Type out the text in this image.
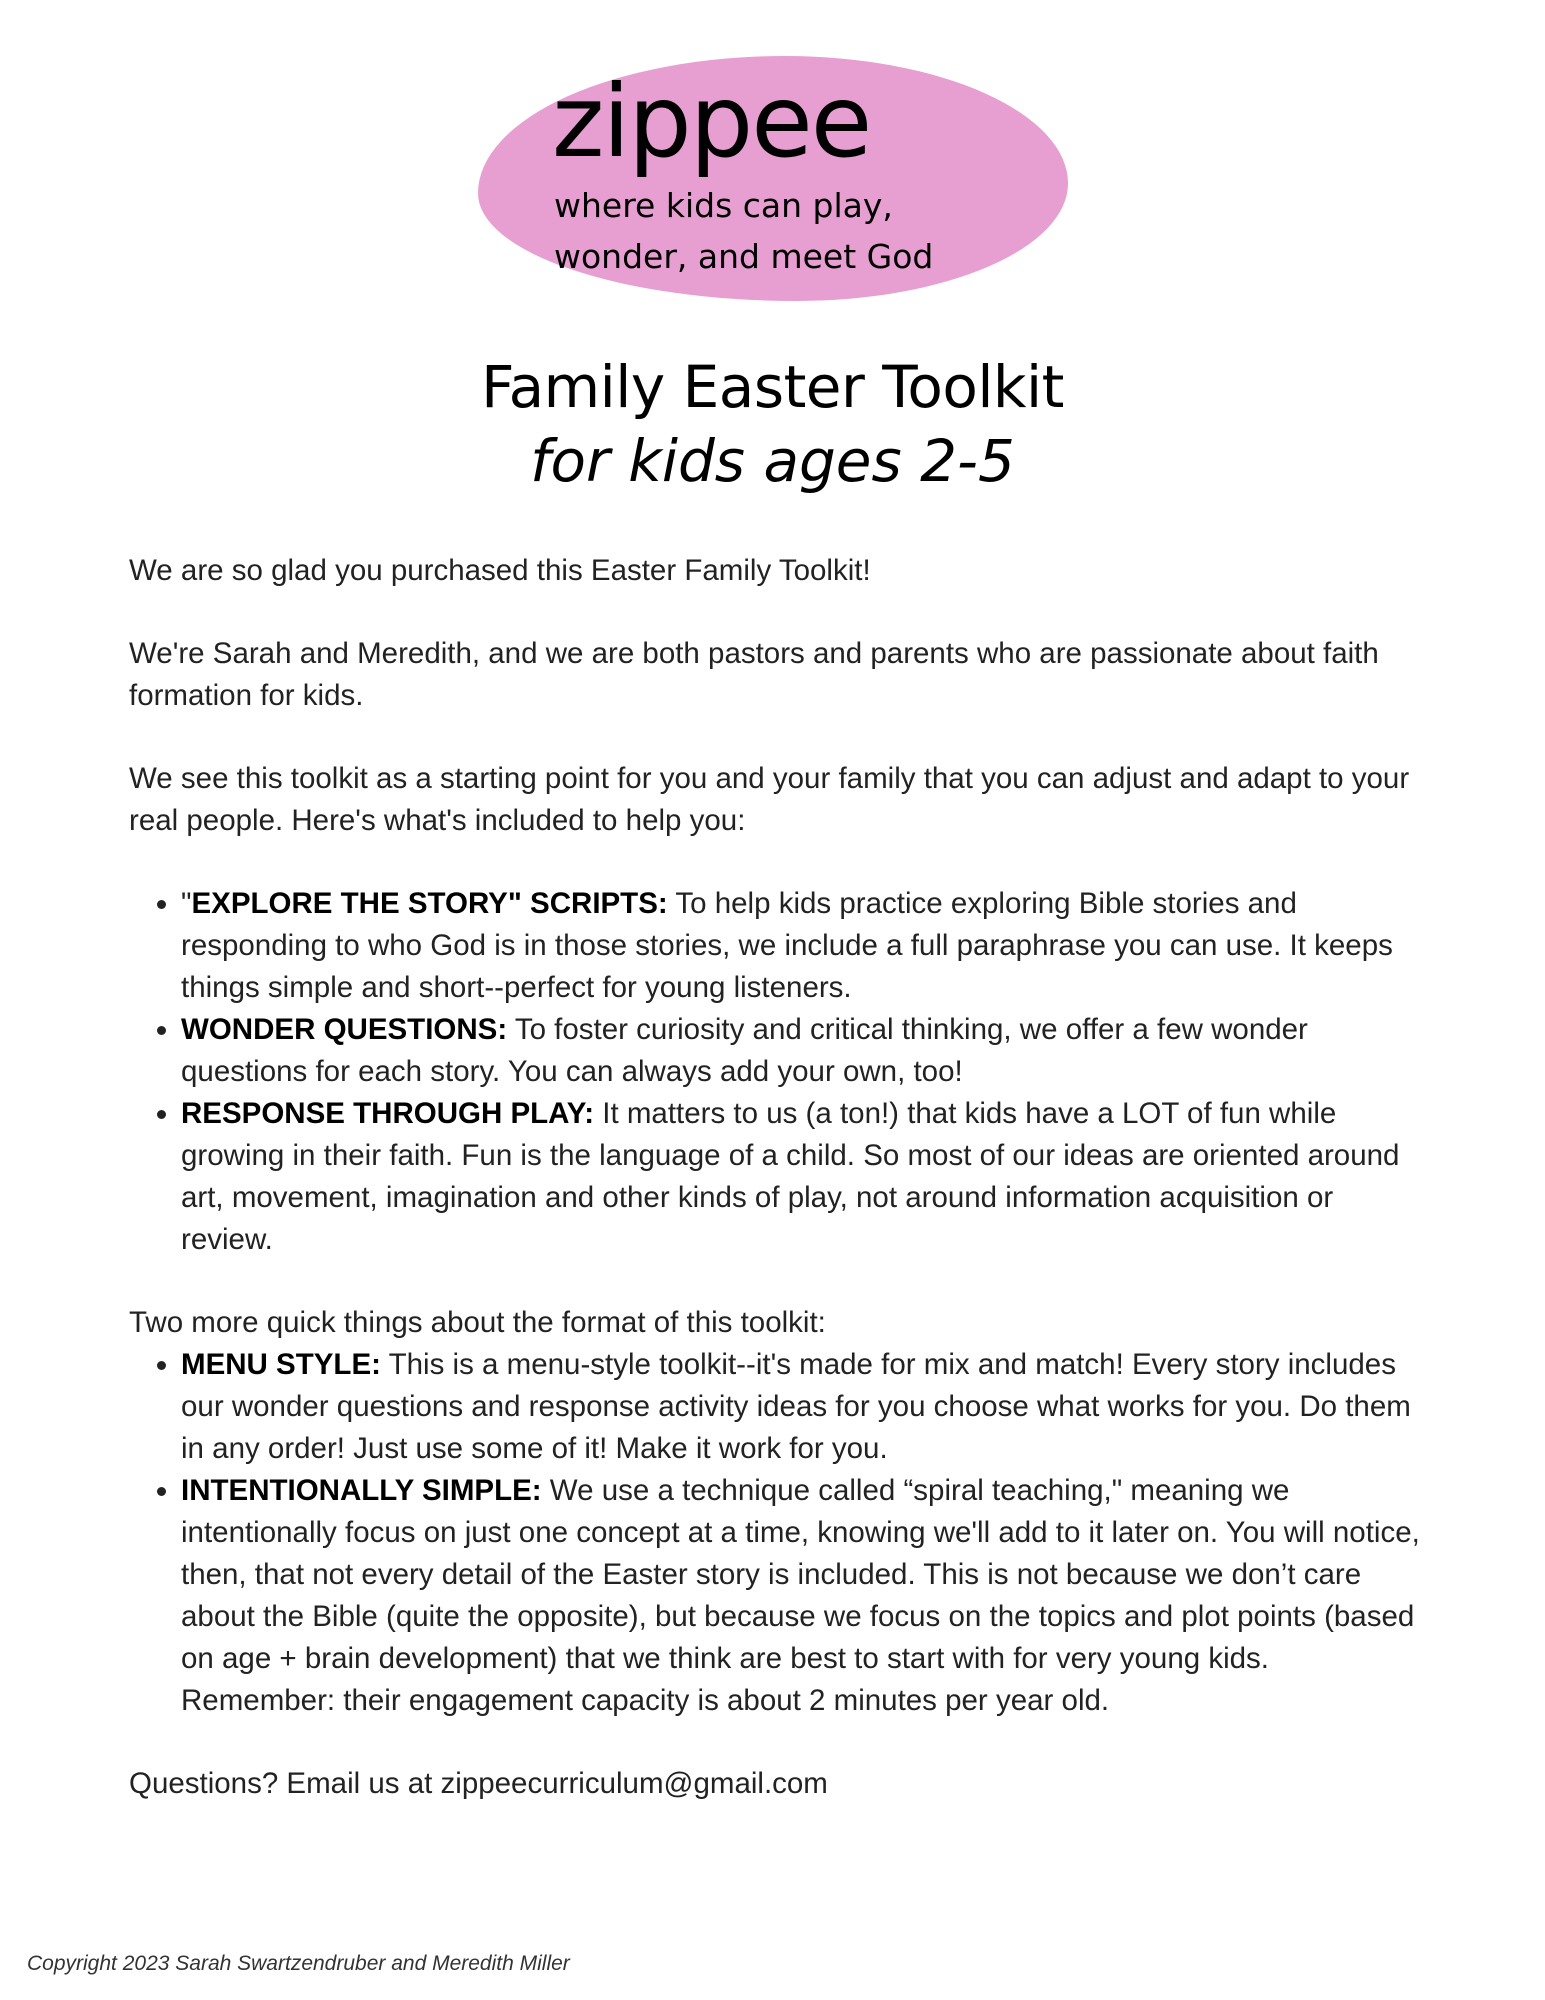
zippee
where kids can play,
wonder, and meet God
Family Easter Toolkit
for kids ages 2-5

We are so glad you purchased this Easter Family Toolkit!

We're Sarah and Meredith, and we are both pastors and parents who are passionate about faith formation for kids.

We see this toolkit as a starting point for you and your family that you can adjust and adapt to your real people. Here's what's included to help you:

• "EXPLORE THE STORY" SCRIPTS: To help kids practice exploring Bible stories and responding to who God is in those stories, we include a full paraphrase you can use. It keeps things simple and short--perfect for young listeners.
• WONDER QUESTIONS: To foster curiosity and critical thinking, we offer a few wonder questions for each story. You can always add your own, too!
• RESPONSE THROUGH PLAY: It matters to us (a ton!) that kids have a LOT of fun while growing in their faith. Fun is the language of a child. So most of our ideas are oriented around art, movement, imagination and other kinds of play, not around information acquisition or review.

Two more quick things about the format of this toolkit:

• MENU STYLE: This is a menu-style toolkit--it's made for mix and match! Every story includes our wonder questions and response activity ideas for you choose what works for you. Do them in any order! Just use some of it! Make it work for you.
• INTENTIONALLY SIMPLE: We use a technique called “spiral teaching," meaning we intentionally focus on just one concept at a time, knowing we'll add to it later on. You will notice, then, that not every detail of the Easter story is included. This is not because we don’t care about the Bible (quite the opposite), but because we focus on the topics and plot points (based on age + brain development) that we think are best to start with for very young kids. Remember: their engagement capacity is about 2 minutes per year old.

Questions? Email us at zippeecurriculum@gmail.com

Copyright 2023 Sarah Swartzendruber and Meredith Miller
